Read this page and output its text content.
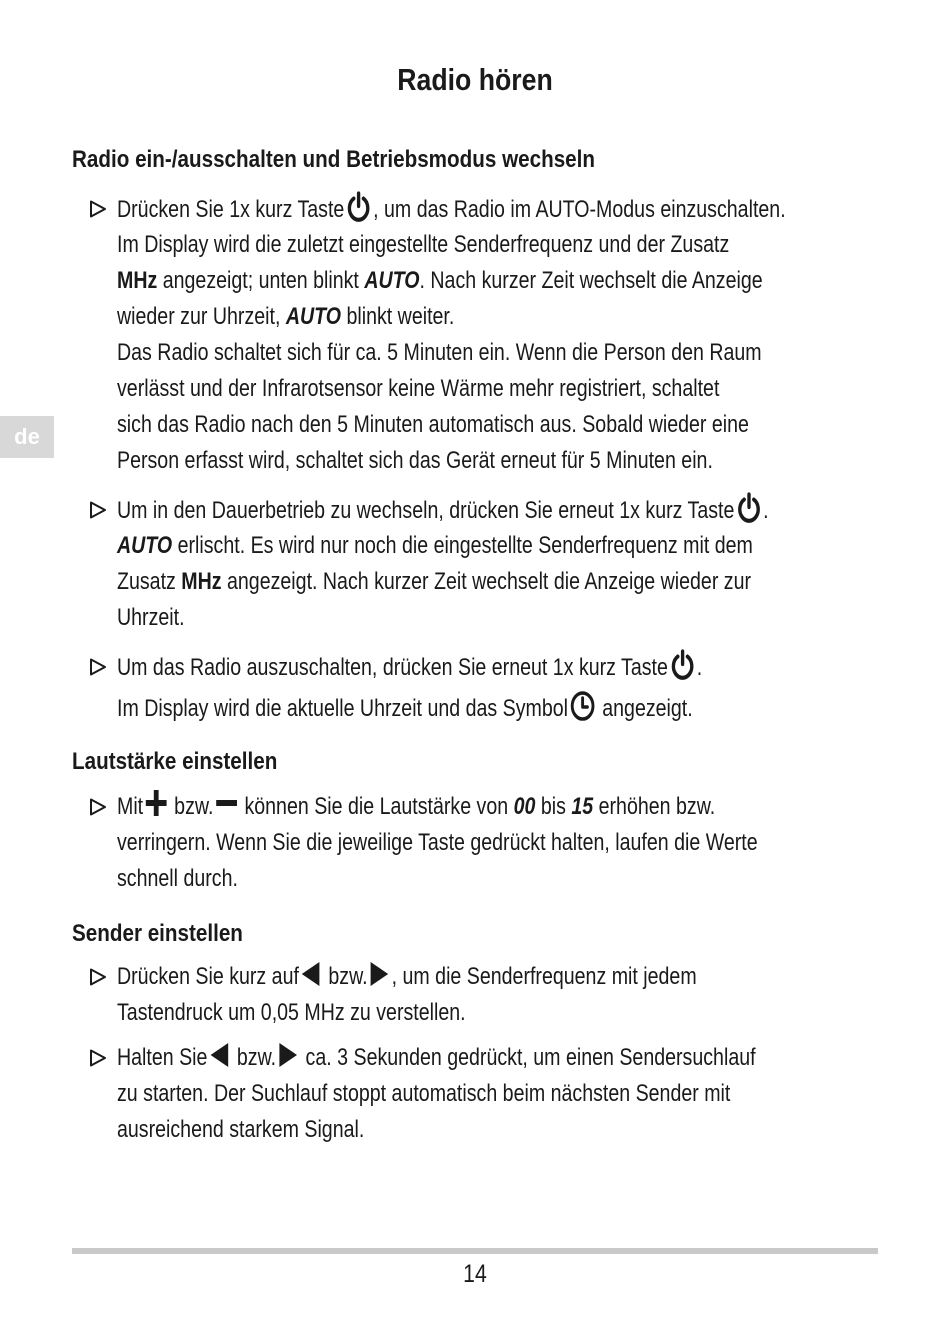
Radio hören
de
Radio ein-/ausschalten und Betriebsmodus wechseln
Drücken Sie 1x kurz Taste , um das Radio im AUTO-Modus einzuschalten.
Im Display wird die zuletzt eingestellte Senderfrequenz und der Zusatz
MHz angezeigt; unten blinkt AUTO. Nach kurzer Zeit wechselt die Anzeige
wieder zur Uhrzeit, AUTO blinkt weiter.
Das Radio schaltet sich für ca. 5 Minuten ein. Wenn die Person den Raum
verlässt und der Infrarotsensor keine Wärme mehr registriert, schaltet
sich das Radio nach den 5 Minuten automatisch aus. Sobald wieder eine
Person erfasst wird, schaltet sich das Gerät erneut für 5 Minuten ein.
Um in den Dauerbetrieb zu wechseln, drücken Sie erneut 1x kurz Taste .
AUTO erlischt. Es wird nur noch die eingestellte Senderfrequenz mit dem
Zusatz MHz angezeigt. Nach kurzer Zeit wechselt die Anzeige wieder zur
Uhrzeit.
Um das Radio auszuschalten, drücken Sie erneut 1x kurz Taste .
Im Display wird die aktuelle Uhrzeit und das Symbol angezeigt.
Lautstärke einstellen
Mit bzw. können Sie die Lautstärke von 00 bis 15 erhöhen bzw.
verringern. Wenn Sie die jeweilige Taste gedrückt halten, laufen die Werte
schnell durch.
Sender einstellen
Drücken Sie kurz auf bzw. , um die Senderfrequenz mit jedem
Tastendruck um 0,05 MHz zu verstellen.
Halten Sie bzw. ca. 3 Sekunden gedrückt, um einen Sendersuchlauf
zu starten. Der Suchlauf stoppt automatisch beim nächsten Sender mit
ausreichend starkem Signal.
14
